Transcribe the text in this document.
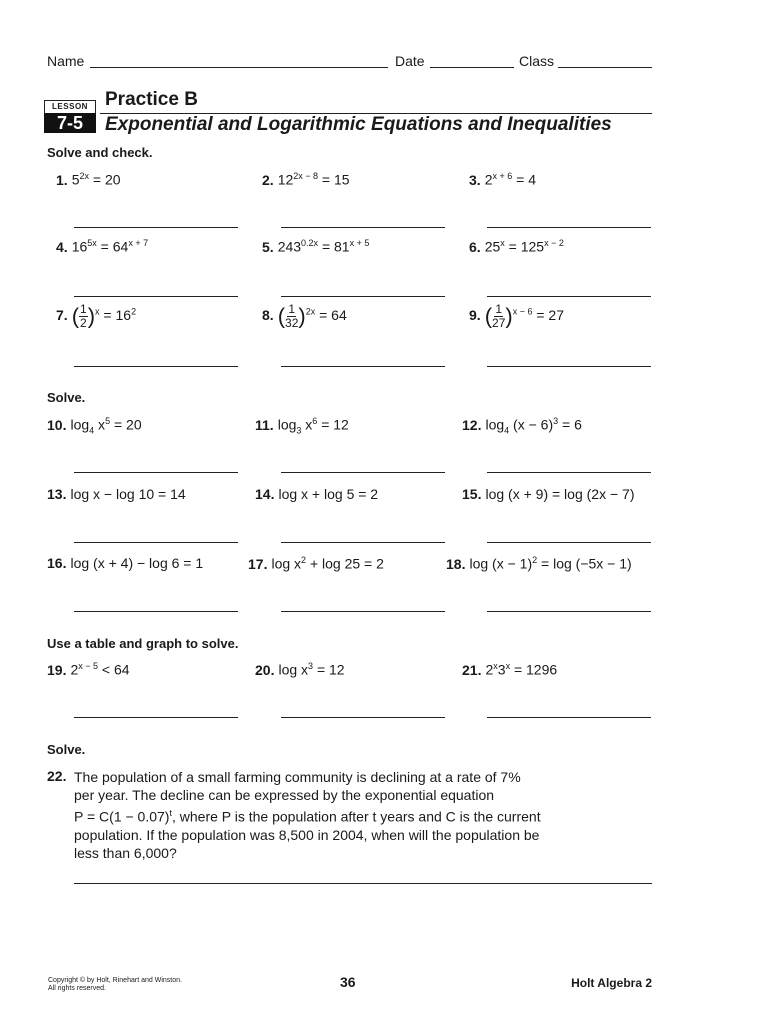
Name	Date	Class
LESSON
7-5
Practice B
Exponential and Logarithmic Equations and Inequalities
Solve and check.
1. $5^{2x} = 20$	2. $12^{2x - 8} = 15$	3. $2^{x + 6} = 4$
4. $16^{5x} = 64^{x + 7}$	5. $243^{0.2x} = 81^{x + 5}$	6. $25^x = 125^{x - 2}$
7. ( $\frac{1}{2} )^x = 16^2$	8. ( $\frac{1}{32} )^{2x} = 64$	9. ( $\frac{1}{27} )^{x - 6} = 27$
Solve.
10. $\log_4 x^5 = 20$	11. $\log_3 x^6 = 12$	12. $\log_4 (x - 6)^3 = 6$
13. log x − log 10 = 14	14. log x + log 5 = 2	15. log (x + 9) = log (2x − 7)
16. log (x + 4) − log 6 = 1	17. $\log x^2 + \log 25 = 2$	18. $\log (x - 1)^2 = \log (-5x - 1)$
Use a table and graph to solve.
19. $2^{x - 5} < 64$	20. $\log x^3 = 12$	21. $2^x3^x = 1296$
Solve.
22. The population of a small farming community is declining at a rate of 7%
per year. The decline can be expressed by the exponential equation
$P = C(1 - 0.07)^t$, where P is the population after t years and C is the current
population. If the population was 8,500 in 2004, when will the population be
less than 6,000?
Copyright © by Holt, Rinehart and Winston.
All rights reserved.	36	Holt Algebra 2
